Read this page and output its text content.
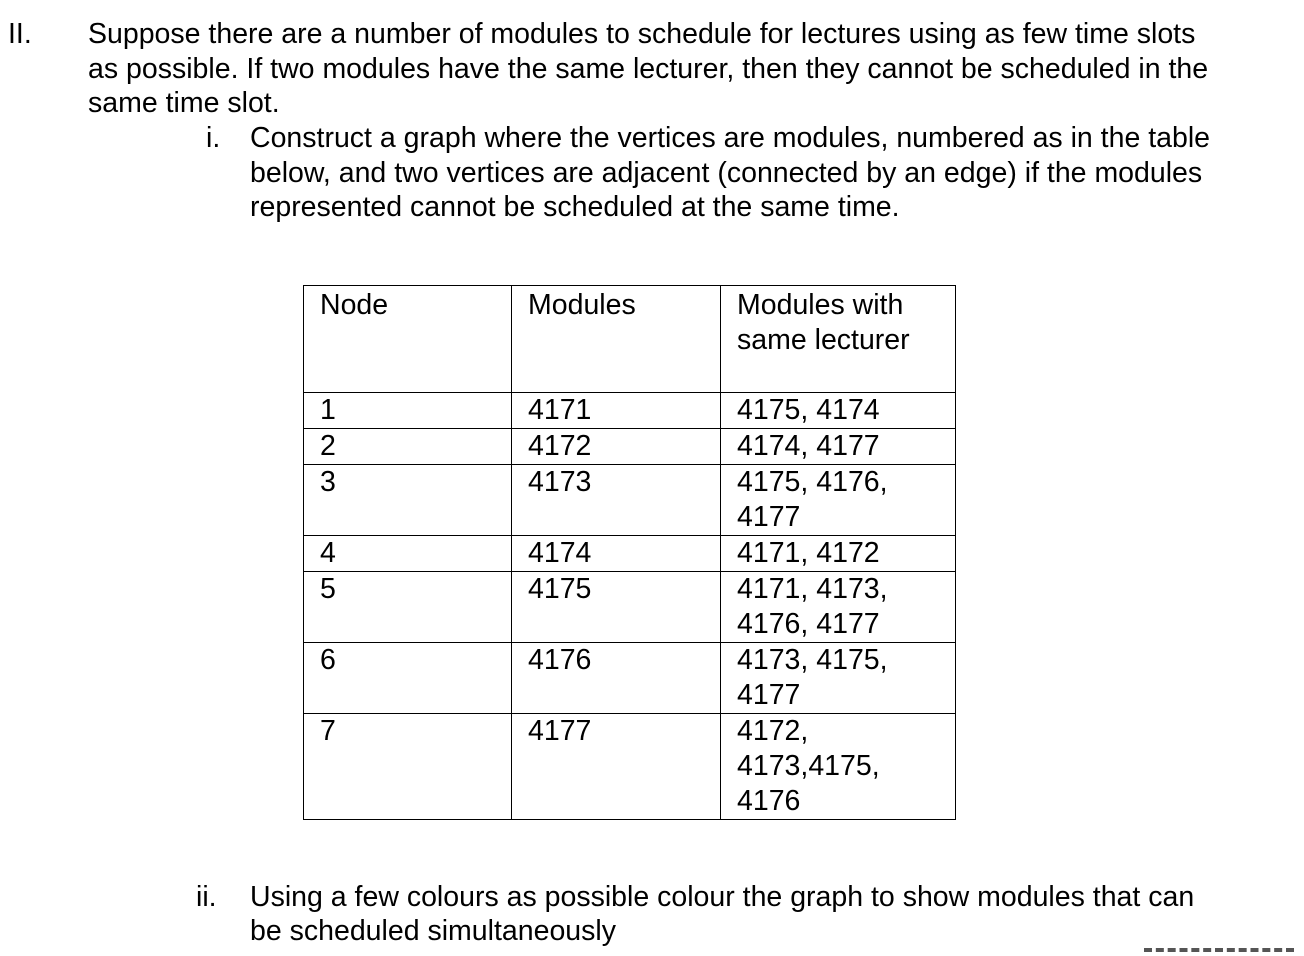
II. Suppose there are a number of modules to schedule for lectures using as few time slots
as possible. If two modules have the same lecturer, then they cannot be scheduled in the
same time slot.
i. Construct a graph where the vertices are modules, numbered as in the table
below, and two vertices are adjacent (connected by an edge) if the modules
represented cannot be scheduled at the same time.
Node	Modules	Modules with
same lecturer

1	4171	4175, 4174

2	4172	4174, 4177

3	4173	4175, 4176,
4177

4	4174	4171, 4172

5	4175	4171, 4173,
4176, 4177

6	4176	4173, 4175,
4177

7	4177	4172,
4173,4175,
4176
ii. Using a few colours as possible colour the graph to show modules that can
be scheduled simultaneously
